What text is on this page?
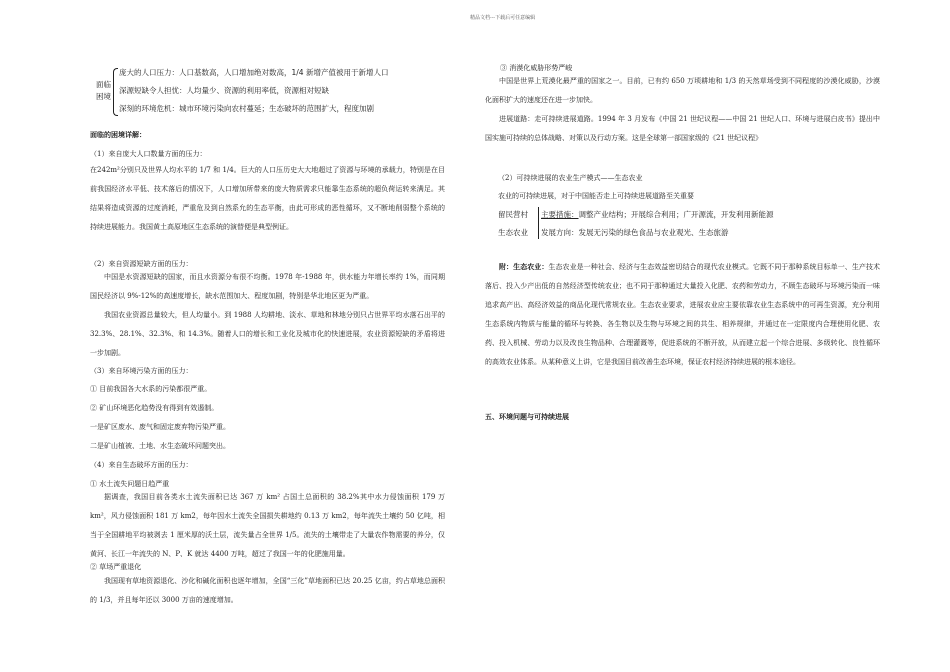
精品文档---下载后可任意编辑
面临
困境
庞大的人口压力：人口基数高，人口增加绝对数高，1/4 新增产值被用于新增人口
深源短缺令人担忧：人均量少、资源的利用率低，资源相对短缺
深刻的环境危机：城市环境污染向农村蔓延；生态破坏的范围扩大，程度加剧
面临的困境详解：
（1）来自庞大人口数量方面的压力：
在242m²分别只及世界人均水平的 1/7 和 1/4。巨大的人口压历史大大地超过了资源与环境的承载力，特别是在目前我国经济水平低、技术落后的情况下，人口增加所带来的庞大物质需求只能靠生态系统的超负荷运转来满足。其结果将造成资源的过度消耗，严重危及到自然系允的生态平衡，由此可形成的恶性循环，又不断地削弱整个系统的持续进展能力。我国黄土高原地区生态系统的演替便是典型例证。
（2）来自资源短缺方面的压力：
中国是水资源短缺的国家，而且水资源分布很不均衡。1978 年-1988 年，供水能力年增长率约 1%，而同期国民经济以 9%-12%的高速度增长，缺水范围加大、程度加剧，特别是华北地区更为严重。
我国农业资源总量较大，但人均量小。到 1988 人均耕地、淡水、草地和林地分别只占世界平均水落石出平的 32.3%、28.1%、32.3%、和 14.3%。随着人口的增长和工业化及城市化的快速进展，农业资源短缺的矛盾将进一步加剧。
（3）来自环境污染方面的压力：
① 目前我国各大水系的污染都很严重。
② 矿山环境恶化趋势没有得到有效遏制。
一是矿区废水、废气和固定废弃物污染严重。
二是矿山植被、土地、水生态破坏问题突出。
（4）来自生态破坏方面的压力：
① 水土流失问题日趋严重
据调查，我国目前各类水土流失面积已达 367 万 km² 占国土总面积的 38.2%其中水力侵蚀面积 179 万 km²，风力侵蚀面积 181 万 km2，每年因水土流失全国损失耕地约 0.13 万 km2，每年流失土壤约 50 亿吨，相当于全国耕地平均被剥去 1 厘米厚的沃土层，流失量占全世界 1/5。流失的土壤带走了大量农作物需要的养分，仅黄河、长江一年流失的 N、P、K 就达 4400 万吨，超过了我国一年的化肥施用量。
② 草场严重退化
我国现有草地资源退化、沙化和碱化面积也逐年增加，全国“三化”草地面积已达 20.25 亿亩，约占草地总面积的 1/3，并且每年还以 3000 万亩的速度增加。
③ 消漠化威胁形势严峻
中国是世界上荒漠化最严重的国家之一。目前，已有约 650 万顷耕地和 1/3 的天然草场受到不同程度的沙漠化威胁，沙漠化面积扩大的速度还在进一步加快。
进展道路：走可持续进展道路。1994 年 3 月发布《中国 21 世纪议程——中国 21 世纪人口、环境与进展白皮书》提出中国实施可持续的总体战略、对策以及行动方案。这是全球第一部国家级的《21 世纪议程》
（2）可持续进展的农业生产模式——生态农业
农业的可持续进展，对于中国能否走上可持续进展道路至关重要
留民营村
生态农业
主要措施：调整产业结构；开展综合利用；广开源流，开发利用新能源
发展方向：发展无污染的绿色食品与农业观光、生态旅游
附：生态农业：生态农业是一种社会、经济与生态效益密切结合的现代农业模式。它既不同于那种系统目标单一、生产技术落后、投入少产出低的自然经济型传统农业；也不同于那种通过大量投入化肥、农药和劳动力，不顾生态破坏与环境污染而一味追求高产出、高经济效益的商品化现代常规农业。生态农业要求，进展农业应主要依靠农业生态系统中的可再生资源，充分利用生态系统内物质与能量的循环与转换、各生物以及生物与环境之间的共生、相养规律，并通过在一定限度内合理使用化肥、农药、投入机械、劳动力以及改良生物品种、合理灌溉等，促进系统的不断开放，从而建立起一个综合进展、多级转化、良性循环的高效农业体系。从某种意义上讲，它是我国目前改善生态环境，保证农村经济持续进展的根本途径。
五、环境问题与可持续进展
